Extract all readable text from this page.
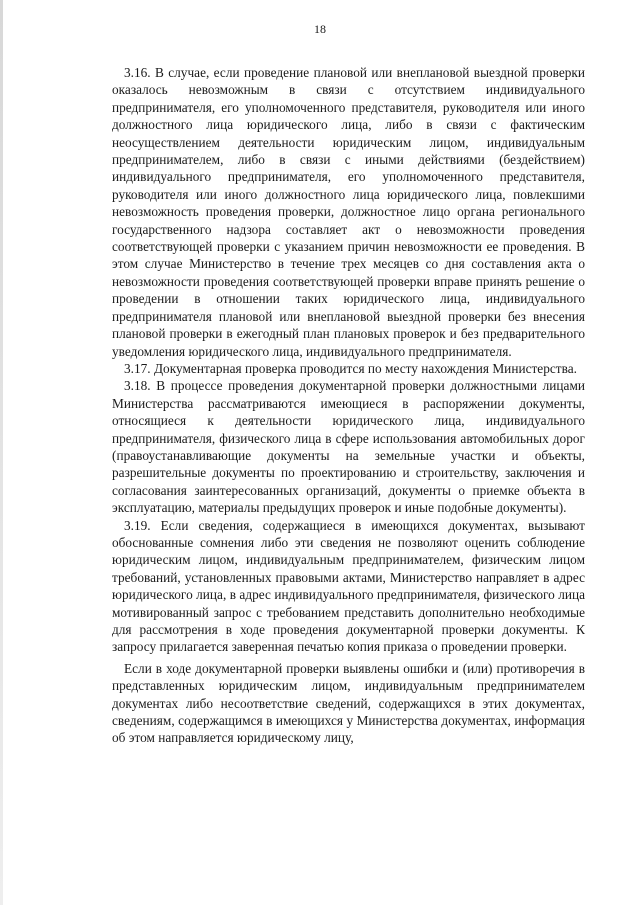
18

3.16. В случае, если проведение плановой или внеплановой выездной проверки оказалось невозможным в связи с отсутствием индивидуального предпринимателя, его уполномоченного представителя, руководителя или иного должностного лица юридического лица, либо в связи с фактическим неосуществлением деятельности юридическим лицом, индивидуальным предпринимателем, либо в связи с иными действиями (бездействием) индивидуального предпринимателя, его уполномоченного представителя, руководителя или иного должностного лица юридического лица, повлекшими невозможность проведения проверки, должностное лицо органа регионального государственного надзора составляет акт о невозможности проведения соответствующей проверки с указанием причин невозможности ее проведения. В этом случае Министерство в течение трех месяцев со дня составления акта о невозможности проведения соответствующей проверки вправе принять решение о проведении в отношении таких юридического лица, индивидуального предпринимателя плановой или внеплановой выездной проверки без внесения плановой проверки в ежегодный план плановых проверок и без предварительного уведомления юридического лица, индивидуального предпринимателя.

3.17. Документарная проверка проводится по месту нахождения Министерства.

3.18. В процессе проведения документарной проверки должностными лицами Министерства рассматриваются имеющиеся в распоряжении документы, относящиеся к деятельности юридического лица, индивидуального предпринимателя, физического лица в сфере использования автомобильных дорог (правоустанавливающие документы на земельные участки и объекты, разрешительные документы по проектированию и строительству, заключения и согласования заинтересованных организаций, документы о приемке объекта в эксплуатацию, материалы предыдущих проверок и иные подобные документы).

3.19. Если сведения, содержащиеся в имеющихся документах, вызывают обоснованные сомнения либо эти сведения не позволяют оценить соблюдение юридическим лицом, индивидуальным предпринимателем, физическим лицом требований, установленных правовыми актами, Министерство направляет в адрес юридического лица, в адрес индивидуального предпринимателя, физического лица мотивированный запрос с требованием представить дополнительно необходимые для рассмотрения в ходе проведения документарной проверки документы. К запросу прилагается заверенная печатью копия приказа о проведении проверки.

Если в ходе документарной проверки выявлены ошибки и (или) противоречия в представленных юридическим лицом, индивидуальным предпринимателем документах либо несоответствие сведений, содержащихся в этих документах, сведениям, содержащимся в имеющихся у Министерства документах, информация об этом направляется юридическому лицу,
